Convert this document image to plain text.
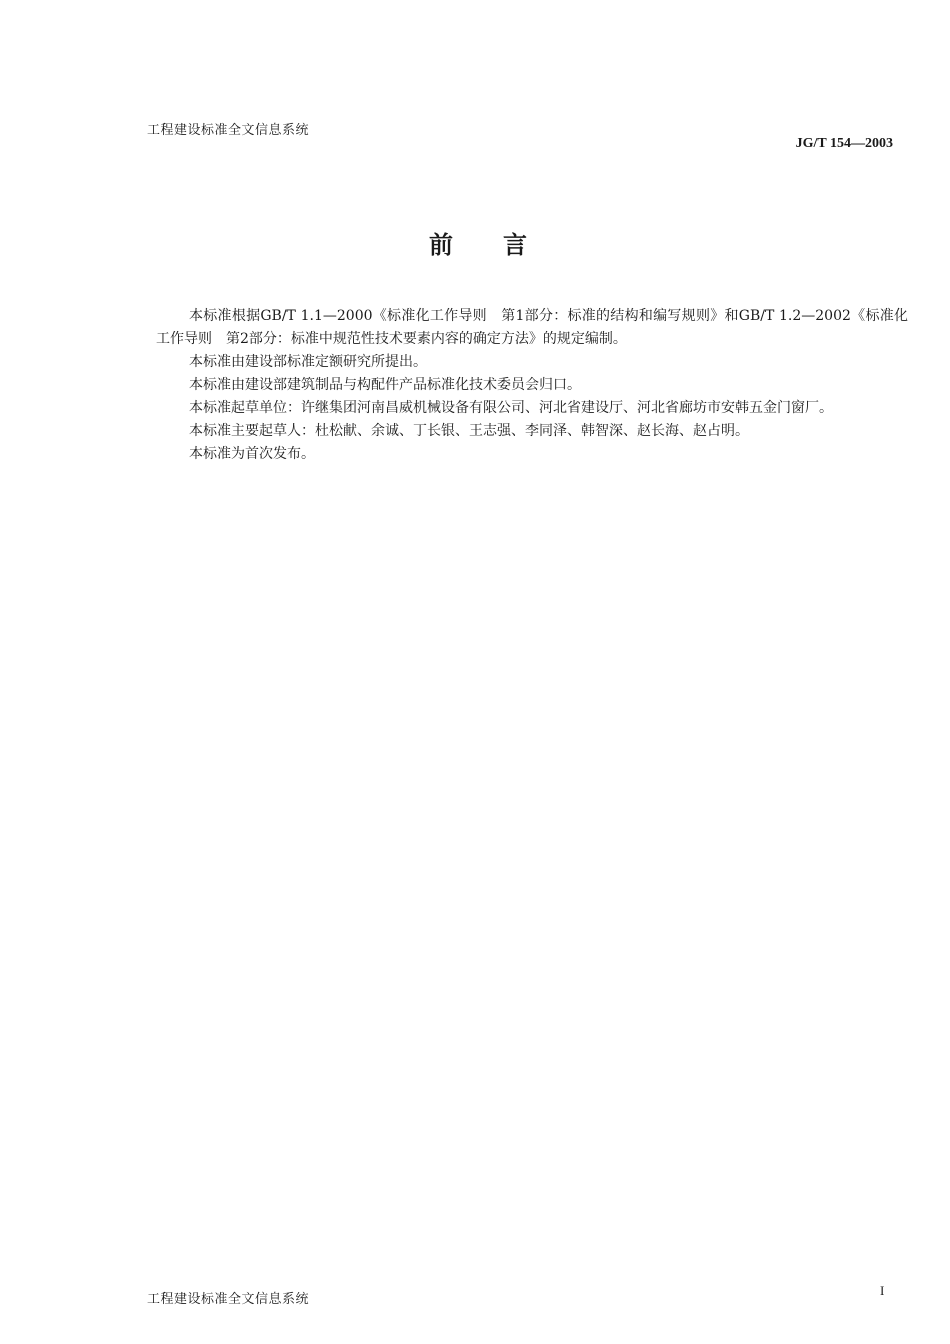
工程建设标准全文信息系统
JG/T 154—2003
前言

本标准根据GB/T 1.1—2000《标准化工作导则　第1部分：标准的结构和编写规则》和GB/T 1.2—2002《标准化工作导则　第2部分：标准中规范性技术要素内容的确定方法》的规定编制。

本标准由建设部标准定额研究所提出。

本标准由建设部建筑制品与构配件产品标准化技术委员会归口。

本标准起草单位：许继集团河南昌威机械设备有限公司、河北省建设厅、河北省廊坊市安韩五金门窗厂。

本标准主要起草人：杜松献、余诚、丁长银、王志强、李同泽、韩智深、赵长海、赵占明。

本标准为首次发布。

工程建设标准全文信息系统
I
